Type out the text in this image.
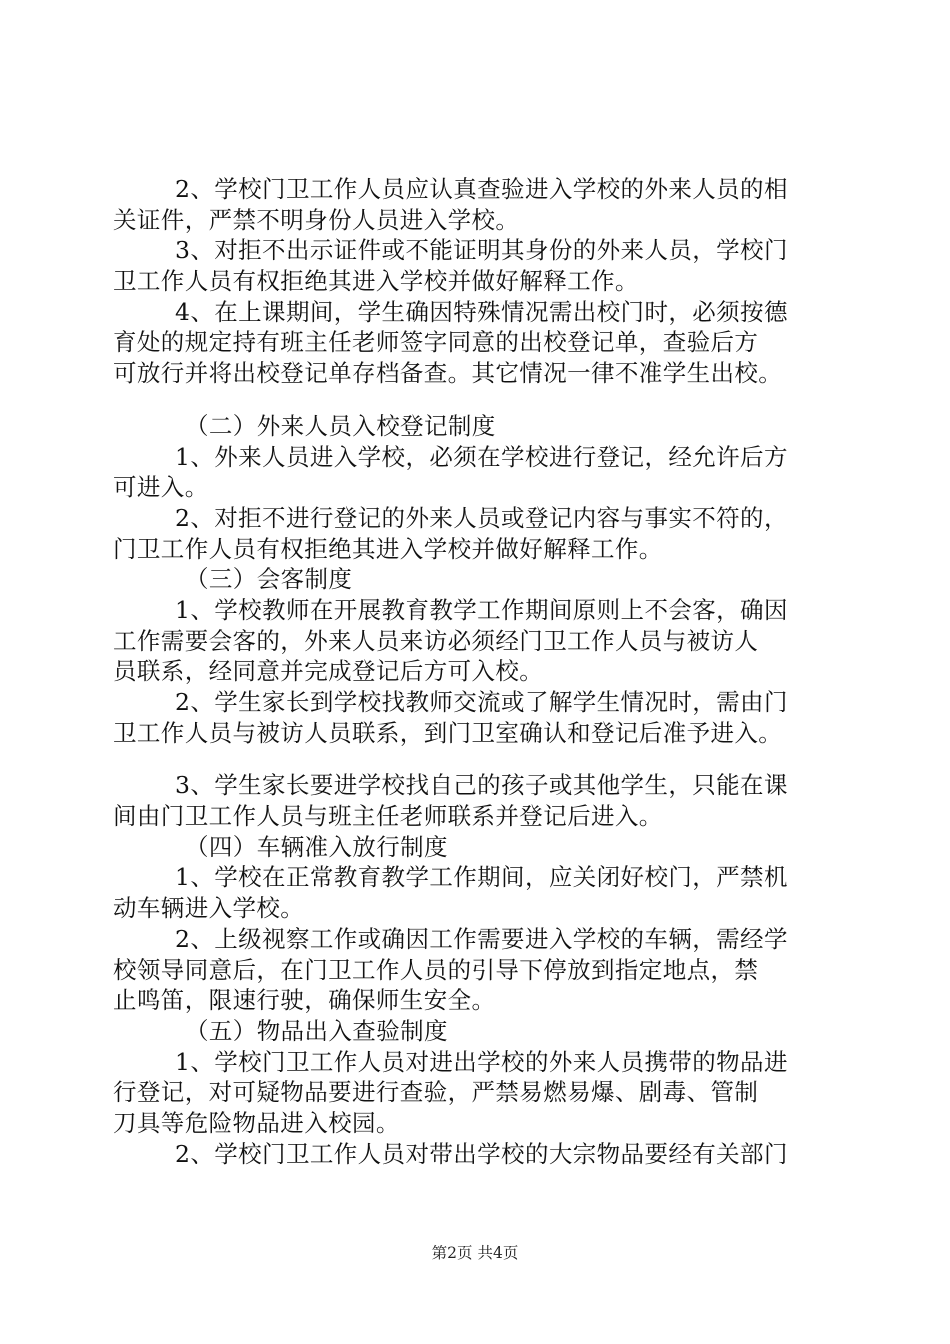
2、学校门卫工作人员应认真查验进入学校的外来人员的相
关证件，严禁不明身份人员进入学校。
3、对拒不出示证件或不能证明其身份的外来人员，学校门
卫工作人员有权拒绝其进入学校并做好解释工作。
4、在上课期间，学生确因特殊情况需出校门时，必须按德
育处的规定持有班主任老师签字同意的出校登记单，查验后方
可放行并将出校登记单存档备查。其它情况一律不准学生出校。
（二）外来人员入校登记制度
1、外来人员进入学校，必须在学校进行登记，经允许后方
可进入。
2、对拒不进行登记的外来人员或登记内容与事实不符的，
门卫工作人员有权拒绝其进入学校并做好解释工作。
（三）会客制度
1、学校教师在开展教育教学工作期间原则上不会客，确因
工作需要会客的，外来人员来访必须经门卫工作人员与被访人
员联系，经同意并完成登记后方可入校。
2、学生家长到学校找教师交流或了解学生情况时，需由门
卫工作人员与被访人员联系，到门卫室确认和登记后准予进入。
3、学生家长要进学校找自己的孩子或其他学生，只能在课
间由门卫工作人员与班主任老师联系并登记后进入。
（四）车辆准入放行制度
1、学校在正常教育教学工作期间，应关闭好校门，严禁机
动车辆进入学校。
2、上级视察工作或确因工作需要进入学校的车辆，需经学
校领导同意后，在门卫工作人员的引导下停放到指定地点，禁
止鸣笛，限速行驶，确保师生安全。
（五）物品出入查验制度
1、学校门卫工作人员对进出学校的外来人员携带的物品进
行登记，对可疑物品要进行查验，严禁易燃易爆、剧毒、管制
刀具等危险物品进入校园。
2、学校门卫工作人员对带出学校的大宗物品要经有关部门
第2页 共4页
